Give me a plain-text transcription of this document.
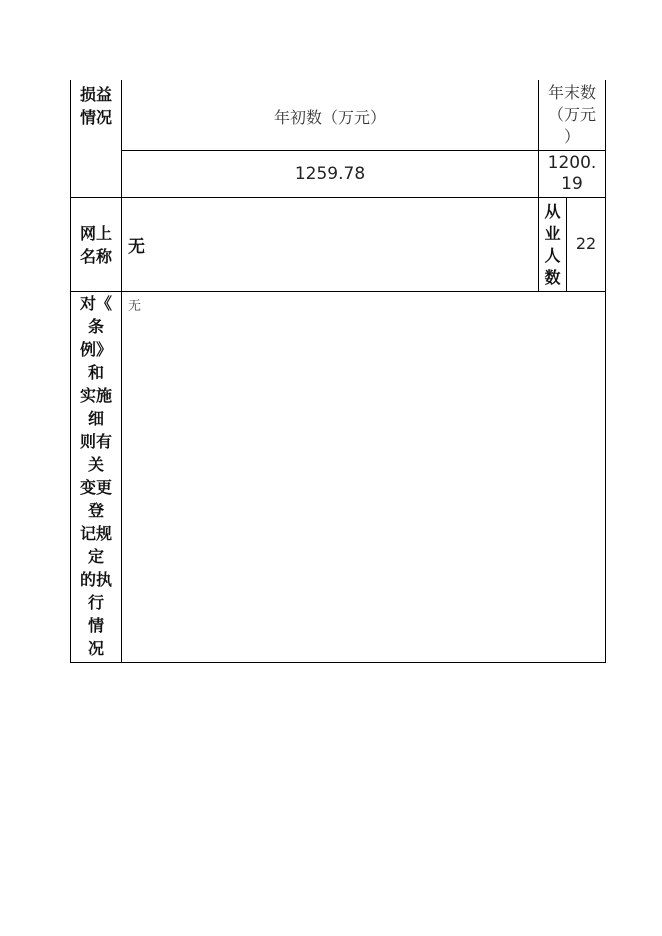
损益
情况	年初数（万元）
年末数
（万元
）
1259.78
1200.
19
网上
名称 无
从
业
人
数
22
对《
条
例》
和
实施
细
则有
关
变更
登
记规
定
的执
行
情
况
无
